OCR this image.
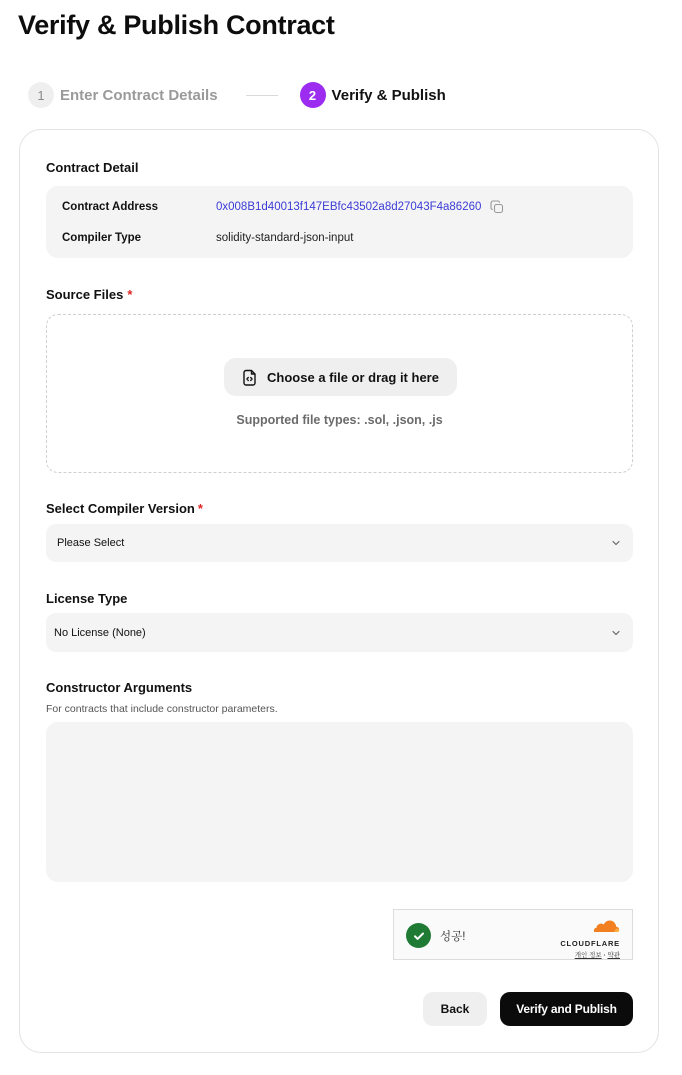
Verify & Publish Contract
1	Enter Contract Details	2	Verify & Publish
Contract Detail
Contract Address	0x008B1d40013f147EBfc43502a8d27043F4a86260
Compiler Type	solidity-standard-json-input
Source Files *
Choose a file or drag it here
Supported file types: .sol, .json, .js
Select Compiler Version *
Please Select
License Type
No License (None)
Constructor Arguments
For contracts that include constructor parameters.
성공!
CLOUDFLARE
개인 정보 · 약관
Back	Verify and Publish
